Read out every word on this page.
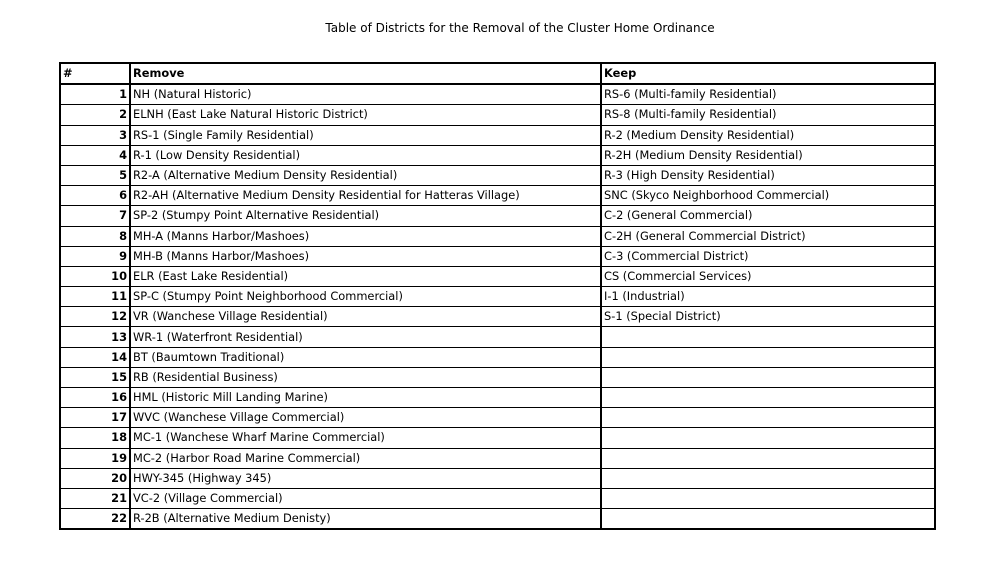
Table of Districts for the Removal of the Cluster Home Ordinance
#	Remove	Keep
1	NH (Natural Historic)	RS-6 (Multi-family Residential)
2	ELNH (East Lake Natural Historic District)	RS-8 (Multi-family Residential)
3	RS-1 (Single Family Residential)	R-2 (Medium Density Residential)
4	R-1 (Low Density Residential)	R-2H (Medium Density Residential)
5	R2-A (Alternative Medium Density Residential)	R-3 (High Density Residential)
6	R2-AH (Alternative Medium Density Residential for Hatteras Village)	SNC (Skyco Neighborhood Commercial)
7	SP-2 (Stumpy Point Alternative Residential)	C-2 (General Commercial)
8	MH-A (Manns Harbor/Mashoes)	C-2H (General Commercial District)
9	MH-B (Manns Harbor/Mashoes)	C-3 (Commercial District)
10	ELR (East Lake Residential)	CS (Commercial Services)
11	SP-C (Stumpy Point Neighborhood Commercial)	I-1 (Industrial)
12	VR (Wanchese Village Residential)	S-1 (Special District)
13	WR-1 (Waterfront Residential)	
14	BT (Baumtown Traditional)	
15	RB (Residential Business)	
16	HML (Historic Mill Landing Marine)	
17	WVC (Wanchese Village Commercial)	
18	MC-1 (Wanchese Wharf Marine Commercial)	
19	MC-2 (Harbor Road Marine Commercial)	
20	HWY-345 (Highway 345)	
21	VC-2 (Village Commercial)	
22	R-2B (Alternative Medium Denisty)	
